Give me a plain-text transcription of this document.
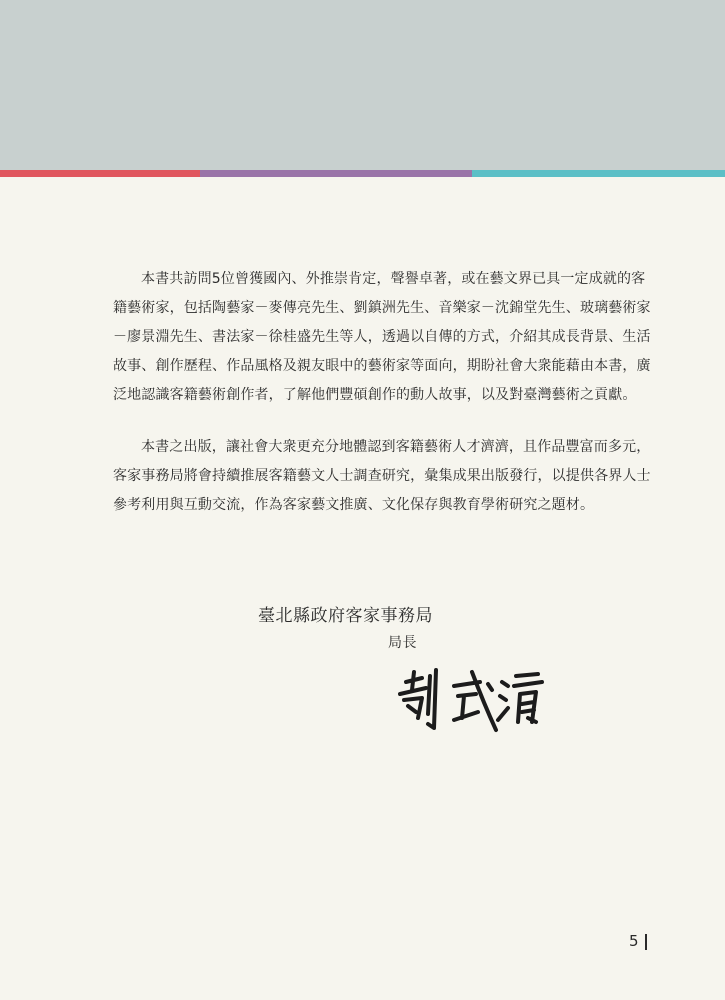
本書共訪問5位曾獲國內、外推崇肯定，聲譽卓著，或在藝文界已具一定成就的客
籍藝術家，包括陶藝家－麥傳亮先生、劉鎮洲先生、音樂家－沈錦堂先生、玻璃藝術家
－廖景淵先生、書法家－徐桂盛先生等人，透過以自傳的方式，介紹其成長背景、生活
故事、創作歷程、作品風格及親友眼中的藝術家等面向，期盼社會大衆能藉由本書，廣
泛地認識客籍藝術創作者，了解他們豐碩創作的動人故事，以及對臺灣藝術之貢獻。
本書之出版，讓社會大衆更充分地體認到客籍藝術人才濟濟，且作品豐富而多元，
客家事務局將會持續推展客籍藝文人士調查研究，彙集成果出版發行，以提供各界人士
參考利用與互動交流，作為客家藝文推廣、文化保存與教育學術研究之題材。
臺北縣政府客家事務局
局長
5
